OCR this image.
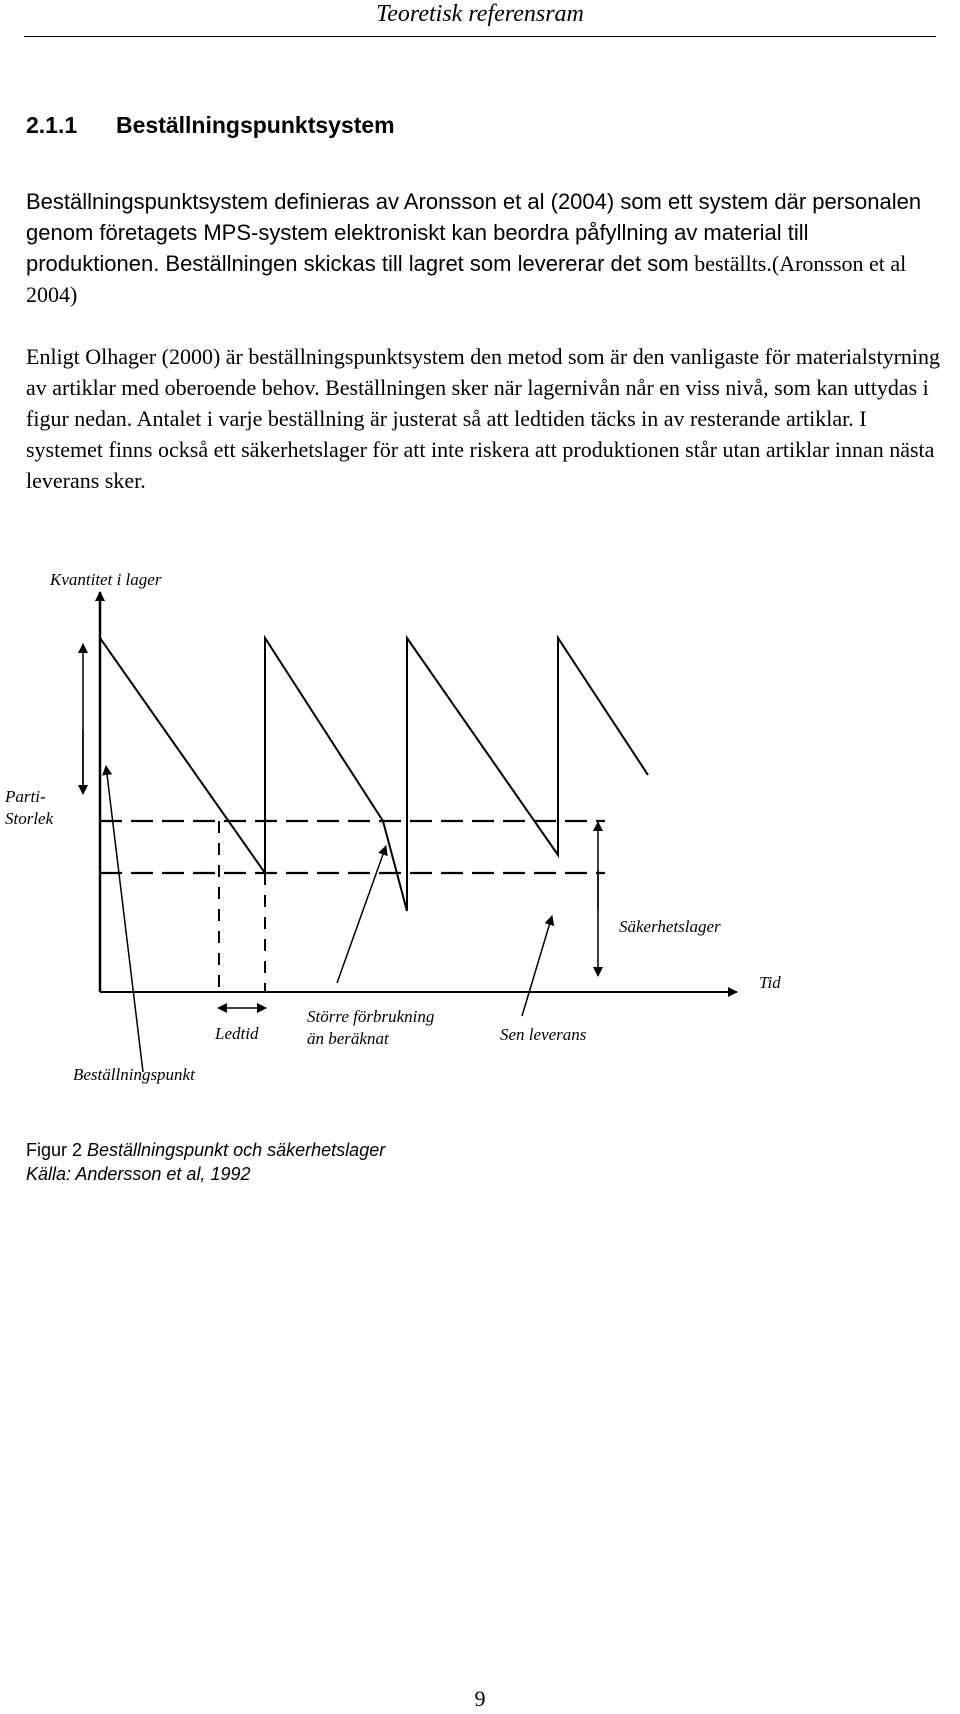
Teoretisk referensram
2.1.1 Beställningspunktsystem

Beställningspunktsystem definieras av Aronsson et al (2004) som ett system där personalen genom företagets MPS-system elektroniskt kan beordra påfyllning av material till produktionen. Beställningen skickas till lagret som levererar det som beställts.(Aronsson et al 2004)

Enligt Olhager (2000) är beställningspunktsystem den metod som är den vanligaste för materialstyrning av artiklar med oberoende behov. Beställningen sker när lagernivån når en viss nivå, som kan uttydas i figur nedan. Antalet i varje beställning är justerat så att ledtiden täcks in av resterande artiklar. I systemet finns också ett säkerhetslager för att inte riskera att produktionen står utan artiklar innan nästa leverans sker.

Kvantitet i lager
Parti-
Storlek
Säkerhetslager
Tid
Ledtid
Större förbrukning
än beräknat	Sen leverans
Beställningspunkt
Figur 2 Beställningspunkt och säkerhetslager
Källa: Andersson et al, 1992
9
